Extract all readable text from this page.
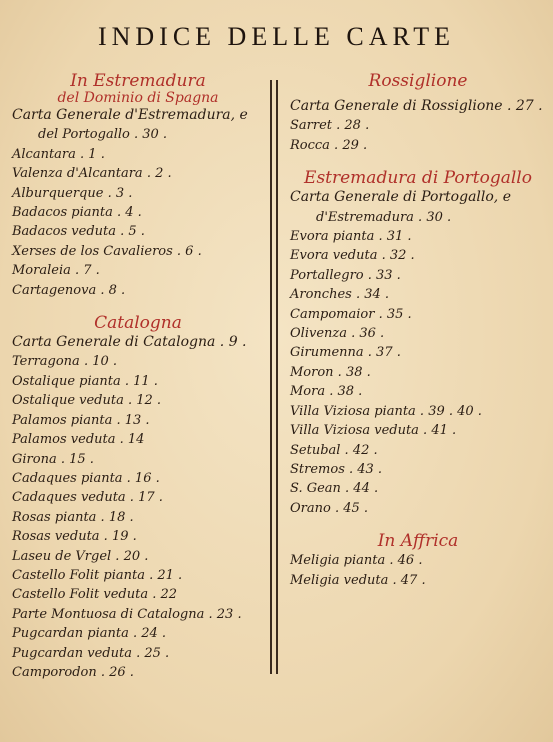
INDICE DELLE CARTE
In Estremadura
del Dominio di Spagna
Carta Generale d'Estremadura, e
del Portogallo . 30 .
Alcantara . 1 .
Valenza d'Alcantara . 2 .
Alburquerque . 3 .
Badacos pianta . 4 .
Badacos veduta . 5 .
Xerses de los Cavalieros . 6 .
Moraleia . 7 .
Cartagenova . 8 .
Catalogna
Carta Generale di Catalogna . 9 .
Terragona . 10 .
Ostalique pianta . 11 .
Ostalique veduta . 12 .
Palamos pianta . 13 .
Palamos veduta . 14
Girona . 15 .
Cadaques pianta . 16 .
Cadaques veduta . 17 .
Rosas pianta . 18 .
Rosas veduta . 19 .
Laseu de Vrgel . 20 .
Castello Folit pianta . 21 .
Castello Folit veduta . 22
Parte Montuosa di Catalogna . 23 .
Pugcardan pianta . 24 .
Pugcardan veduta . 25 .
Camporodon . 26 .
Rossiglione
Carta Generale di Rossiglione . 27 .
Sarret . 28 .
Rocca . 29 .
Estremadura di Portogallo
Carta Generale di Portogallo, e
d'Estremadura . 30 .
Evora pianta . 31 .
Evora veduta . 32 .
Portallegro . 33 .
Aronches . 34 .
Campomaior . 35 .
Olivenza . 36 .
Girumenna . 37 .
Moron . 38 .
Mora . 38 .
Villa Viziosa pianta . 39 . 40 .
Villa Viziosa veduta . 41 .
Setubal . 42 .
Stremos . 43 .
S. Gean . 44 .
Orano . 45 .
In Affrica
Meligia pianta . 46 .
Meligia veduta . 47 .
